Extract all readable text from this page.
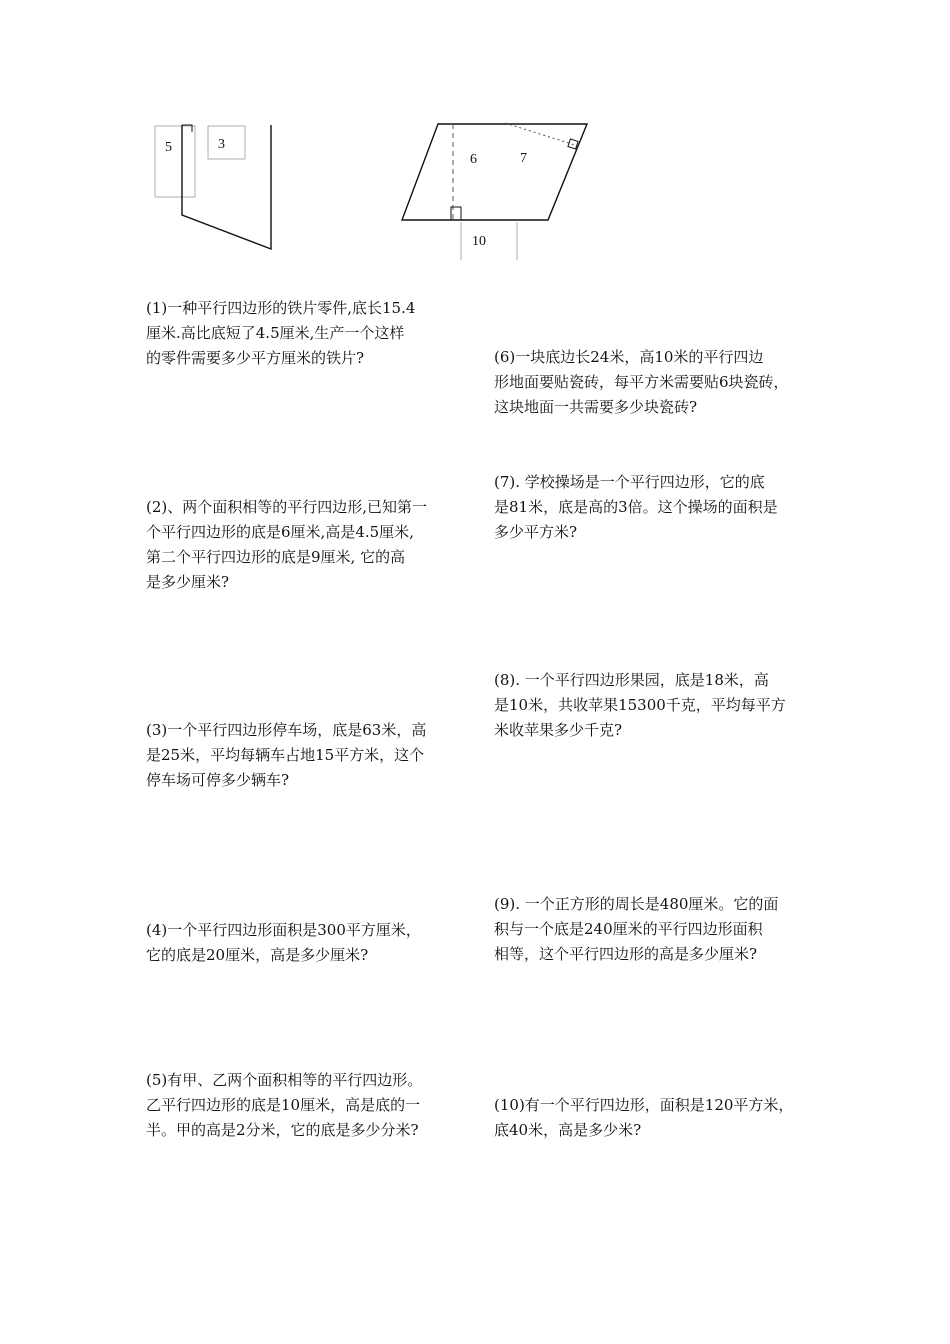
5	3
6	7
10

(1)一种平行四边形的铁片零件,底长15.4
厘米.高比底短了4.5厘米,生产一个这样
的零件需要多少平方厘米的铁片?

(2)、两个面积相等的平行四边形,已知第一
个平行四边形的底是6厘米,高是4.5厘米,
第二个平行四边形的底是9厘米, 它的高
是多少厘米?

(3)一个平行四边形停车场，底是63米，高
是25米，平均每辆车占地15平方米，这个
停车场可停多少辆车?

(4)一个平行四边形面积是300平方厘米，
它的底是20厘米，高是多少厘米?

(5)有甲、乙两个面积相等的平行四边形。
乙平行四边形的底是10厘米，高是底的一
半。甲的高是2分米，它的底是多少分米?

(6)一块底边长24米，高10米的平行四边
形地面要贴瓷砖，每平方米需要贴6块瓷砖，
这块地面一共需要多少块瓷砖?

(7). 学校操场是一个平行四边形，它的底
是81米，底是高的3倍。这个操场的面积是
多少平方米?

(8). 一个平行四边形果园，底是18米，高
是10米，共收苹果15300千克，平均每平方
米收苹果多少千克?

(9). 一个正方形的周长是480厘米。它的面
积与一个底是240厘米的平行四边形面积
相等，这个平行四边形的高是多少厘米?

(10)有一个平行四边形，面积是120平方米，
底40米，高是多少米?
